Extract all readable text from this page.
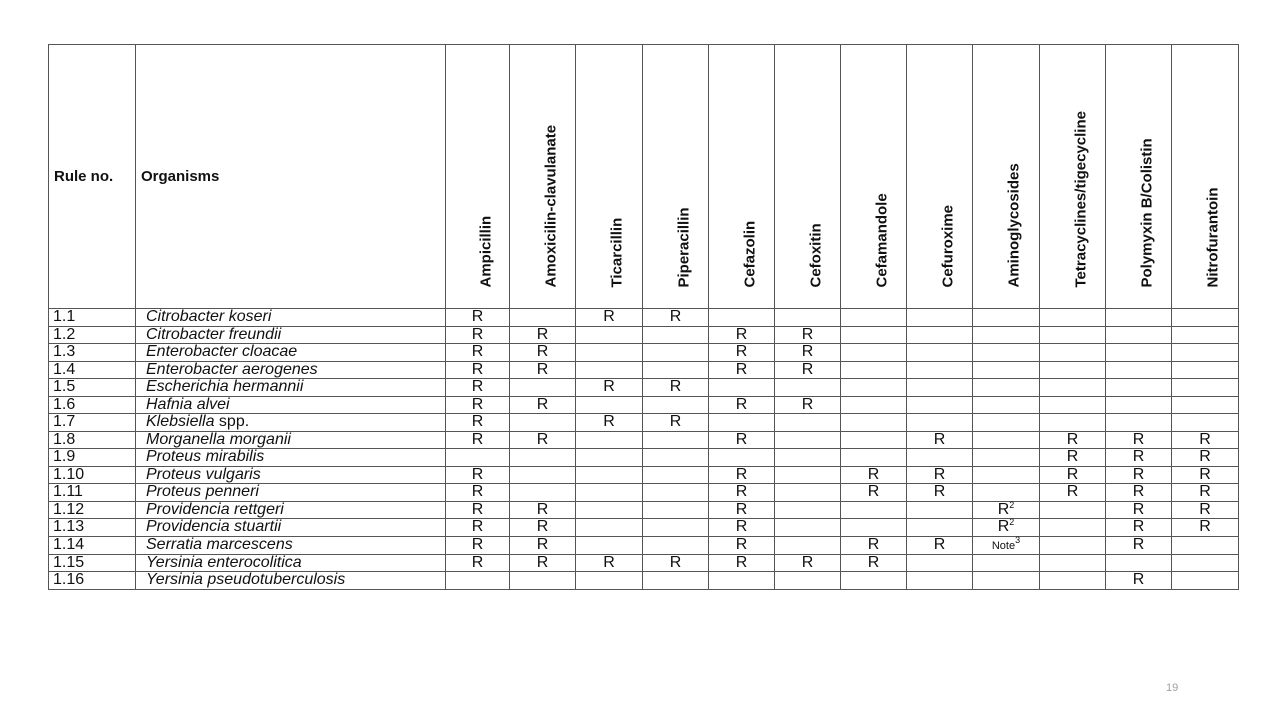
Rule no.	Organisms	Ampicillin	Amoxicilin-clavulanate	Ticarcillin	Piperacillin	Cefazolin	Cefoxitin	Cefamandole	Cefuroxime	Aminoglycosides	Tetracyclines/tigecycline	Polymyxin B/Colistin	Nitrofurantoin

1.1	Citrobacter koseri	R		R	R								
1.2	Citrobacter freundii	R	R			R	R						
1.3	Enterobacter cloacae	R	R			R	R						
1.4	Enterobacter aerogenes	R	R			R	R						
1.5	Escherichia hermannii	R		R	R								
1.6	Hafnia alvei	R	R			R	R						
1.7	Klebsiella spp.	R		R	R								
1.8	Morganella morganii	R	R			R			R		R	R	R
1.9	Proteus mirabilis										R	R	R
1.10	Proteus vulgaris	R				R		R	R		R	R	R
1.11	Proteus penneri	R				R		R	R		R	R	R
1.12	Providencia rettgeri	R	R			R				$R^2$		R	R
1.13	Providencia stuartii	R	R			R				$R^2$		R	R
1.14	Serratia marcescens	R	R			R		R	R	Note$^3$		R	
1.15	Yersinia enterocolitica	R	R	R	R	R	R	R					
1.16	Yersinia pseudotuberculosis											R	
19
